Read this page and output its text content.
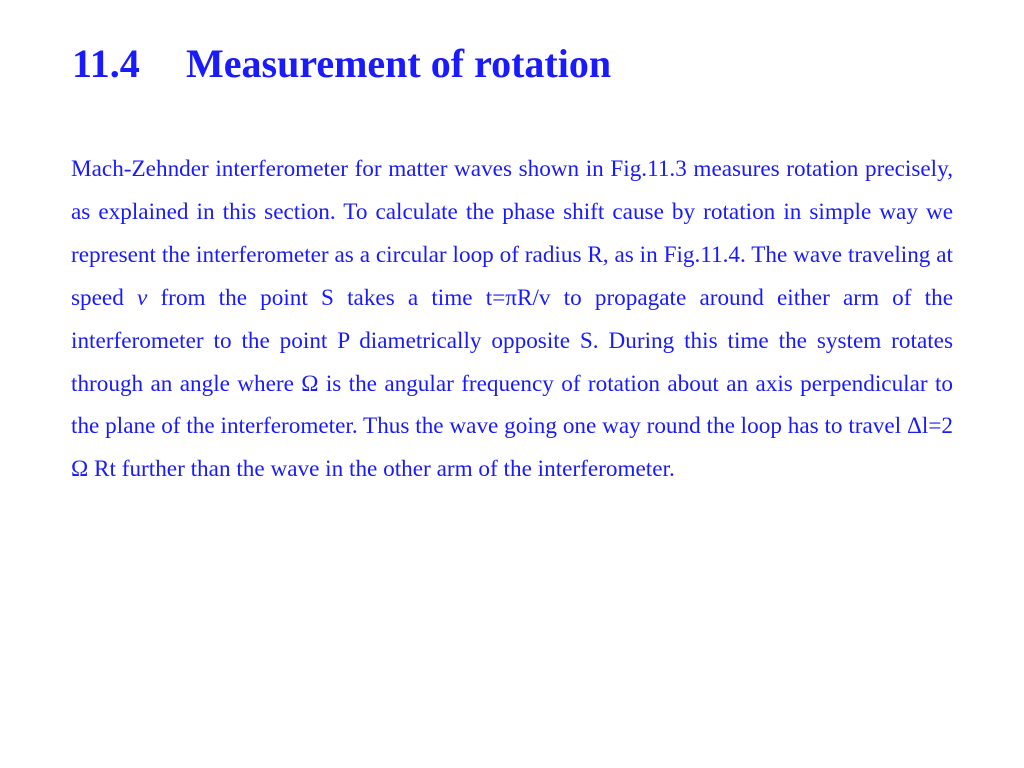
11.4 Measurement of rotation

Mach-Zehnder interferometer for matter waves shown in Fig.11.3 measures rotation precisely, as explained in this section. To calculate the phase shift cause by rotation in simple way we represent the interferometer as a circular loop of radius R, as in Fig.11.4. The wave traveling at speed v from the point S takes a time t=πR/v to propagate around either arm of the interferometer to the point P diametrically opposite S. During this time the system rotates through an angle where Ω is the angular frequency of rotation about an axis perpendicular to the plane of the interferometer. Thus the wave going one way round the loop has to travel Δl=2 Ω Rt further than the wave in the other arm of the interferometer.
